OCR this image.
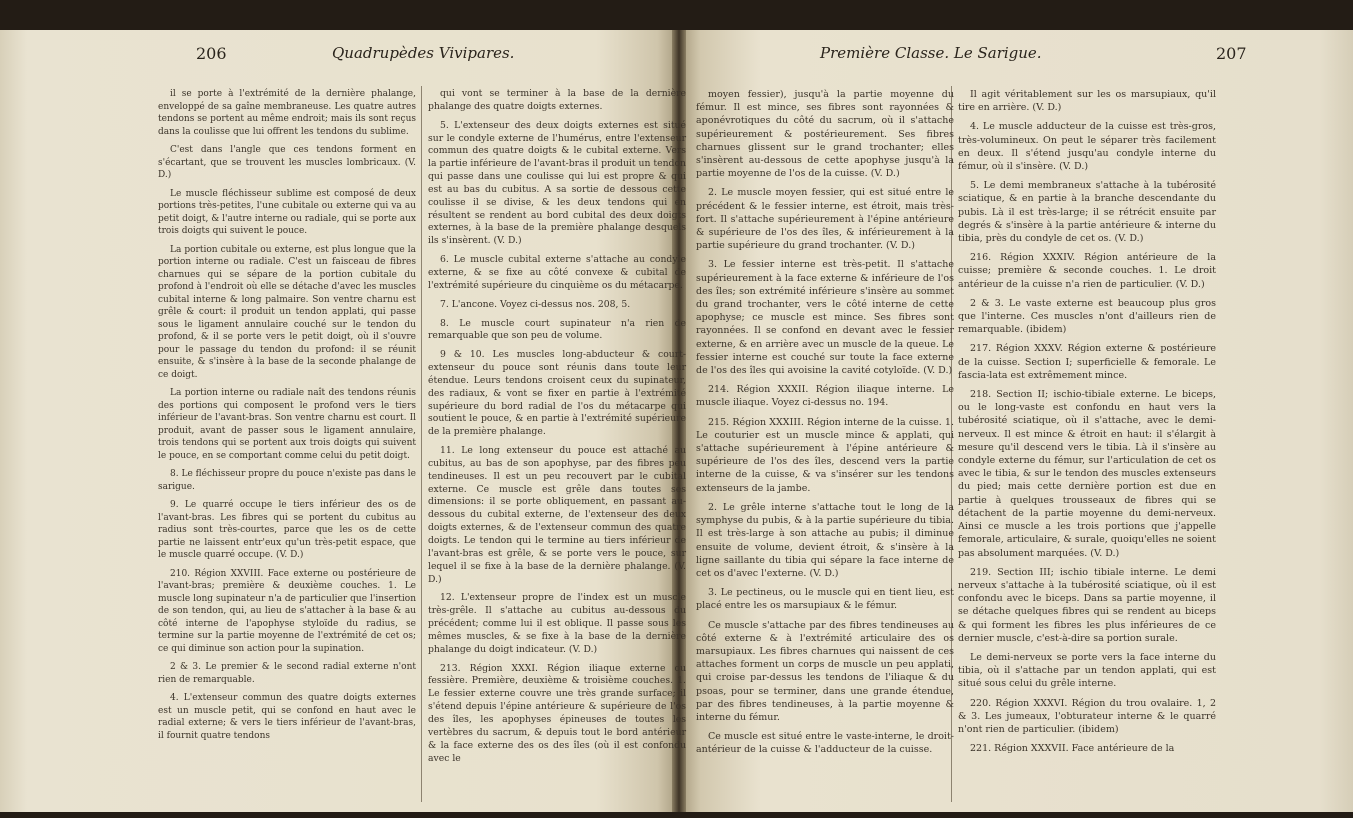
206	Quadrupèdes Vivipares.	Première Classe. Le Sarigue.	207

il se porte à l'extrémité de la dernière phalange, enveloppé de sa gaîne membraneuse. Les quatre autres tendons se portent au même endroit; mais ils sont reçus dans la coulisse que lui offrent les tendons du sublime.

C'est dans l'angle que ces tendons forment en s'écartant, que se trouvent les muscles lombricaux. (V. D.)

Le muscle fléchisseur sublime est composé de deux portions très-petites, l'une cubitale ou externe qui va au petit doigt, & l'autre interne ou radiale, qui se porte aux trois doigts qui suivent le pouce.

La portion cubitale ou externe, est plus longue que la portion interne ou radiale. C'est un faisceau de fibres charnues qui se sépare de la portion cubitale du profond à l'endroit où elle se détache d'avec les muscles cubital interne & long palmaire. Son ventre charnu est grêle & court: il produit un tendon applati, qui passe sous le ligament annulaire couché sur le tendon du profond, & il se porte vers le petit doigt, où il s'ouvre pour le passage du tendon du profond: il se réunit ensuite, & s'insère à la base de la seconde phalange de ce doigt.

La portion interne ou radiale naît des tendons réunis des portions qui composent le profond vers le tiers inférieur de l'avant-bras. Son ventre charnu est court. Il produit, avant de passer sous le ligament annulaire, trois tendons qui se portent aux trois doigts qui suivent le pouce, en se comportant comme celui du petit doigt.

8. Le fléchisseur propre du pouce n'existe pas dans le sarigue.

9. Le quarré occupe le tiers inférieur des os de l'avant-bras. Les fibres qui se portent du cubitus au radius sont très-courtes, parce que les os de cette partie ne laissent entr'eux qu'un très-petit espace, que le muscle quarré occupe. (V. D.)

210. Région XXVIII. Face externe ou postérieure de l'avant-bras; première & deuxième couches. 1. Le muscle long supinateur n'a de particulier que l'insertion de son tendon, qui, au lieu de s'attacher à la base & au côté interne de l'apophyse styloïde du radius, se termine sur la partie moyenne de l'extrémité de cet os; ce qui diminue son action pour la supination.

2 & 3. Le premier & le second radial externe n'ont rien de remarquable.

4. L'extenseur commun des quatre doigts externes est un muscle petit, qui se confond en haut avec le radial externe; & vers le tiers inférieur de l'avant-bras, il fournit quatre tendons

qui vont se terminer à la base de la dernière phalange des quatre doigts externes.

5. L'extenseur des deux doigts externes est situé sur le condyle externe de l'humérus, entre l'extenseur commun des quatre doigts & le cubital externe. Vers la partie inférieure de l'avant-bras il produit un tendon qui passe dans une coulisse qui lui est propre & qui est au bas du cubitus. A sa sortie de dessous cette coulisse il se divise, & les deux tendons qui en résultent se rendent au bord cubital des deux doigts externes, à la base de la première phalange desquels ils s'insèrent. (V. D.)

6. Le muscle cubital externe s'attache au condyle externe, & se fixe au côté convexe & cubital de l'extrémité supérieure du cinquième os du métacarpe.

7. L'ancone. Voyez ci-dessus nos. 208, 5.

8. Le muscle court supinateur n'a rien de remarquable que son peu de volume.

9 & 10. Les muscles long-abducteur & court-extenseur du pouce sont réunis dans toute leur étendue. Leurs tendons croisent ceux du supinateur, des radiaux, & vont se fixer en partie à l'extrémité supérieure du bord radial de l'os du métacarpe qui soutient le pouce, & en partie à l'extrémité supérieure de la première phalange.

11. Le long extenseur du pouce est attaché au cubitus, au bas de son apophyse, par des fibres peu tendineuses. Il est un peu recouvert par le cubital externe. Ce muscle est grêle dans toutes ses dimensions: il se porte obliquement, en passant au-dessous du cubital externe, de l'extenseur des deux doigts externes, & de l'extenseur commun des quatre doigts. Le tendon qui le termine au tiers inférieur de l'avant-bras est grêle, & se porte vers le pouce, sur lequel il se fixe à la base de la dernière phalange. (V. D.)

12. L'extenseur propre de l'index est un muscle très-grêle. Il s'attache au cubitus au-dessous du précédent; comme lui il est oblique. Il passe sous les mêmes muscles, & se fixe à la base de la dernière phalange du doigt indicateur. (V. D.)

213. Région XXXI. Région iliaque externe ou fessière. Première, deuxième & troisième couches. 1. Le fessier externe couvre une très grande surface; il s'étend depuis l'épine antérieure & supérieure de l'os des îles, les apophyses épineuses de toutes les vertèbres du sacrum, & depuis tout le bord antérieur & la face externe des os des îles (où il est confondu avec le

moyen fessier), jusqu'à la partie moyenne du fémur. Il est mince, ses fibres sont rayonnées & aponévrotiques du côté du sacrum, où il s'attache supérieurement & postérieurement. Ses fibres charnues glissent sur le grand trochanter; elles s'insèrent au-dessous de cette apophyse jusqu'à la partie moyenne de l'os de la cuisse. (V. D.)

2. Le muscle moyen fessier, qui est situé entre le précédent & le fessier interne, est étroit, mais très-fort. Il s'attache supérieurement à l'épine antérieure & supérieure de l'os des îles, & inférieurement à la partie supérieure du grand trochanter. (V. D.)

3. Le fessier interne est très-petit. Il s'attache supérieurement à la face externe & inférieure de l'os des îles; son extrémité inférieure s'insère au sommet du grand trochanter, vers le côté interne de cette apophyse; ce muscle est mince. Ses fibres sont rayonnées. Il se confond en devant avec le fessier externe, & en arrière avec un muscle de la queue. Le fessier interne est couché sur toute la face externe de l'os des îles qui avoisine la cavité cotyloïde. (V. D.)

214. Région XXXII. Région iliaque interne. Le muscle iliaque. Voyez ci-dessus no. 194.

215. Région XXXIII. Région interne de la cuisse. 1. Le couturier est un muscle mince & applati, qui s'attache supérieurement à l'épine antérieure & supérieure de l'os des îles, descend vers la partie interne de la cuisse, & va s'insérer sur les tendons extenseurs de la jambe.

2. Le grêle interne s'attache tout le long de la symphyse du pubis, & à la partie supérieure du tibia. Il est très-large à son attache au pubis; il diminue ensuite de volume, devient étroit, & s'insère à la ligne saillante du tibia qui sépare la face interne de cet os d'avec l'externe. (V. D.)

3. Le pectineus, ou le muscle qui en tient lieu, est placé entre les os marsupiaux & le fémur.

Ce muscle s'attache par des fibres tendineuses au côté externe & à l'extrémité articulaire des os marsupiaux. Les fibres charnues qui naissent de ces attaches forment un corps de muscle un peu applati, qui croise par-dessus les tendons de l'iliaque & du psoas, pour se terminer, dans une grande étendue, par des fibres tendineuses, à la partie moyenne & interne du fémur.

Ce muscle est situé entre le vaste-interne, le droit-antérieur de la cuisse & l'adducteur de la cuisse.

Il agit véritablement sur les os marsupiaux, qu'il tire en arrière. (V. D.)

4. Le muscle adducteur de la cuisse est très-gros, très-volumineux. On peut le séparer très facilement en deux. Il s'étend jusqu'au condyle interne du fémur, où il s'insère. (V. D.)

5. Le demi membraneux s'attache à la tubérosité sciatique, & en partie à la branche descendante du pubis. Là il est très-large; il se rétrécit ensuite par degrés & s'insère à la partie antérieure & interne du tibia, près du condyle de cet os. (V. D.)

216. Région XXXIV. Région antérieure de la cuisse; première & seconde couches. 1. Le droit antérieur de la cuisse n'a rien de particulier. (V. D.)

2 & 3. Le vaste externe est beaucoup plus gros que l'interne. Ces muscles n'ont d'ailleurs rien de remarquable. (ibidem)

217. Région XXXV. Région externe & postérieure de la cuisse. Section I; superficielle & femorale. Le fascia-lata est extrêmement mince.

218. Section II; ischio-tibiale externe. Le biceps, ou le long-vaste est confondu en haut vers la tubérosité sciatique, où il s'attache, avec le demi-nerveux. Il est mince & étroit en haut: il s'élargit à mesure qu'il descend vers le tibia. Là il s'insère au condyle externe du fémur, sur l'articulation de cet os avec le tibia, & sur le tendon des muscles extenseurs du pied; mais cette dernière portion est due en partie à quelques trousseaux de fibres qui se détachent de la partie moyenne du demi-nerveux. Ainsi ce muscle a les trois portions que j'appelle femorale, articulaire, & surale, quoiqu'elles ne soient pas absolument marquées. (V. D.)

219. Section III; ischio tibiale interne. Le demi nerveux s'attache à la tubérosité sciatique, où il est confondu avec le biceps. Dans sa partie moyenne, il se détache quelques fibres qui se rendent au biceps & qui forment les fibres les plus inférieures de ce dernier muscle, c'est-à-dire sa portion surale.

Le demi-nerveux se porte vers la face interne du tibia, où il s'attache par un tendon applati, qui est situé sous celui du grêle interne.

220. Région XXXVI. Région du trou ovalaire. 1, 2 & 3. Les jumeaux, l'obturateur interne & le quarré n'ont rien de particulier. (ibidem)

221. Région XXXVII. Face antérieure de la
